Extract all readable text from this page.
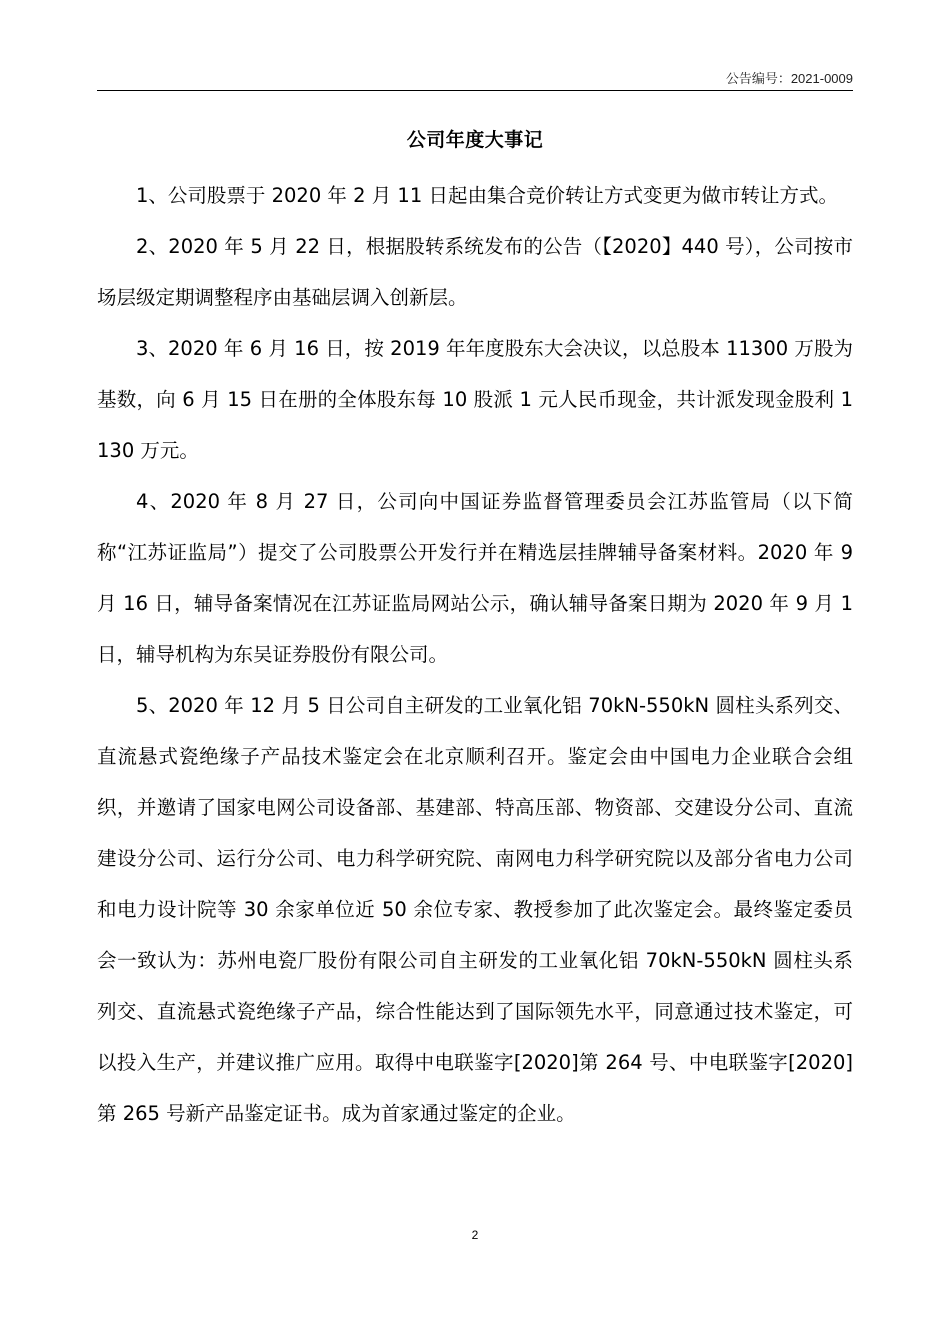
公告编号：2021-0009
公司年度大事记

1、公司股票于 2020 年 2 月 11 日起由集合竞价转让方式变更为做市转让方式。

2、2020 年 5 月 22 日，根据股转系统发布的公告（【2020】440 号），公司按市场层级定期调整程序由基础层调入创新层。

3、2020 年 6 月 16 日，按 2019 年年度股东大会决议，以总股本 11300 万股为基数，向 6 月 15 日在册的全体股东每 10 股派 1 元人民币现金，共计派发现金股利 1130 万元。

4、2020 年 8 月 27 日，公司向中国证券监督管理委员会江苏监管局（以下简称“江苏证监局”）提交了公司股票公开发行并在精选层挂牌辅导备案材料。2020 年 9 月 16 日，辅导备案情况在江苏证监局网站公示，确认辅导备案日期为 2020 年 9 月 1 日，辅导机构为东吴证券股份有限公司。

5、2020 年 12 月 5 日公司自主研发的工业氧化铝 70kN-550kN 圆柱头系列交、直流悬式瓷绝缘子产品技术鉴定会在北京顺利召开。鉴定会由中国电力企业联合会组织，并邀请了国家电网公司设备部、基建部、特高压部、物资部、交建设分公司、直流建设分公司、运行分公司、电力科学研究院、南网电力科学研究院以及部分省电力公司和电力设计院等 30 余家单位近 50 余位专家、教授参加了此次鉴定会。最终鉴定委员会一致认为：苏州电瓷厂股份有限公司自主研发的工业氧化铝 70kN-550kN 圆柱头系列交、直流悬式瓷绝缘子产品，综合性能达到了国际领先水平，同意通过技术鉴定，可以投入生产，并建议推广应用。取得中电联鉴字[2020]第 264 号、中电联鉴字[2020]第 265 号新产品鉴定证书。成为首家通过鉴定的企业。

2
